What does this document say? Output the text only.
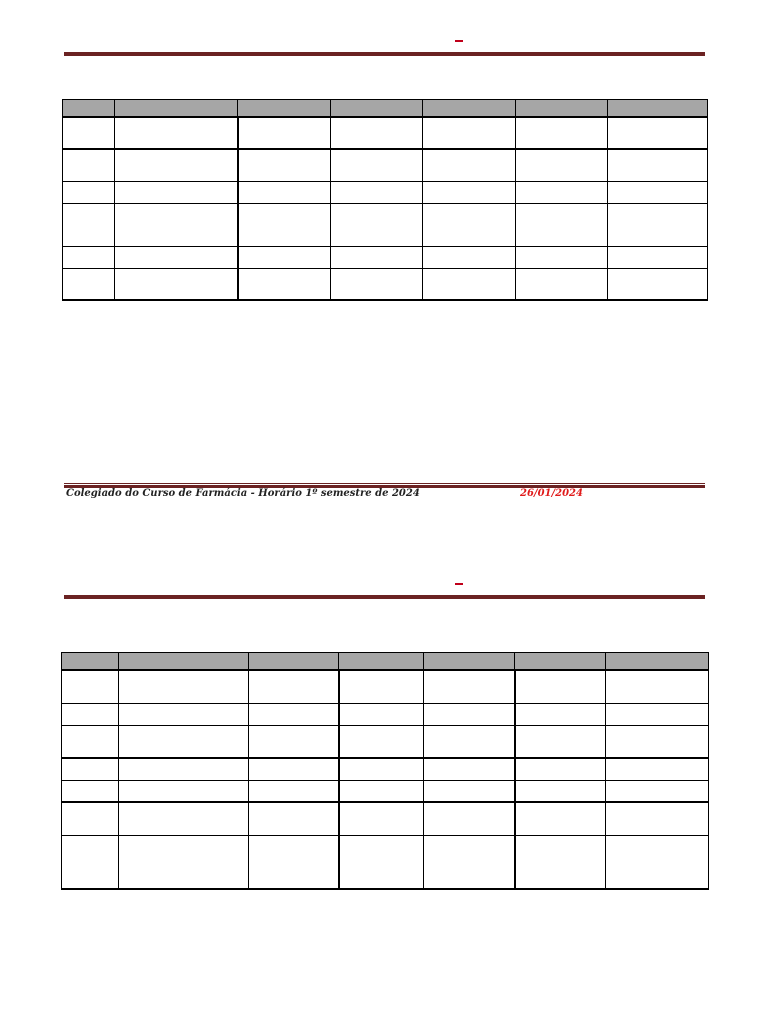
Colegiado do Curso de Farmácia - Horário 1º semestre de 2024	26/01/2024
